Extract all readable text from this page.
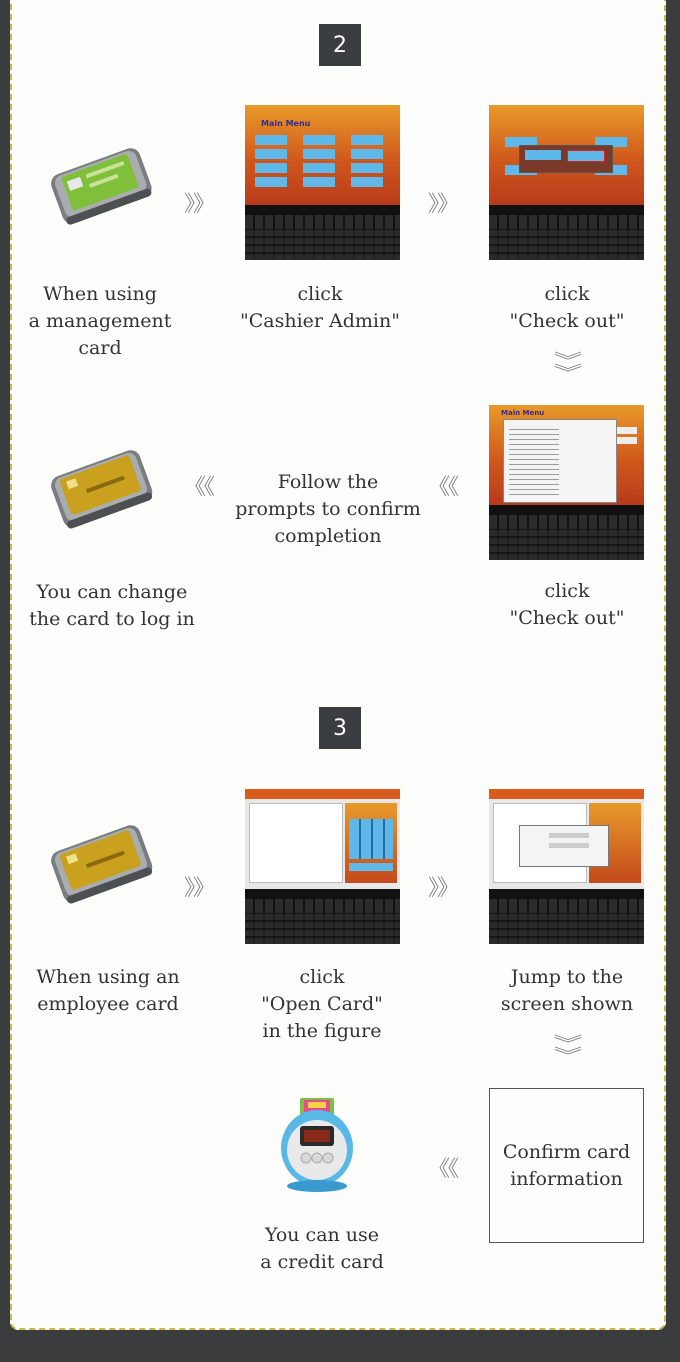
2
》》
Main Menu
》》
When using
a management
card
click
"Cashier Admin"
click
"Check out"
︾
︾
《《	Follow the
prompts to confirm
completion
《《
Main Menu
You can change
the card to log in
click
"Check out"
3
》》	》》
When using an
employee card
click
"Open Card"
in the figure
Jump to the
screen shown
︾
︾
《《
Confirm card
information
You can use
a credit card
